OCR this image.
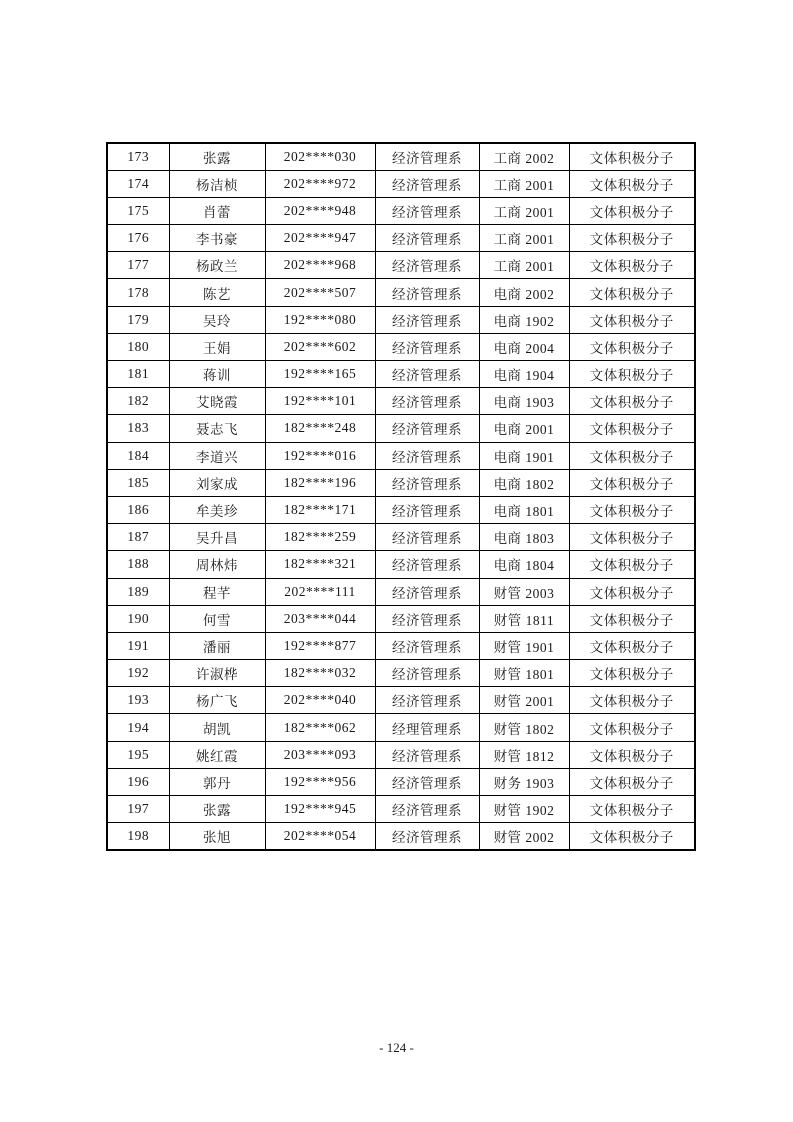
173	张露	202****030	经济管理系	工商 2002	文体积极分子
174	杨洁桢	202****972	经济管理系	工商 2001	文体积极分子
175	肖蕾	202****948	经济管理系	工商 2001	文体积极分子
176	李书豪	202****947	经济管理系	工商 2001	文体积极分子
177	杨政兰	202****968	经济管理系	工商 2001	文体积极分子
178	陈艺	202****507	经济管理系	电商 2002	文体积极分子
179	吴玲	192****080	经济管理系	电商 1902	文体积极分子
180	王娟	202****602	经济管理系	电商 2004	文体积极分子
181	蒋训	192****165	经济管理系	电商 1904	文体积极分子
182	艾晓霞	192****101	经济管理系	电商 1903	文体积极分子
183	聂志飞	182****248	经济管理系	电商 2001	文体积极分子
184	李道兴	192****016	经济管理系	电商 1901	文体积极分子
185	刘家成	182****196	经济管理系	电商 1802	文体积极分子
186	牟美珍	182****171	经济管理系	电商 1801	文体积极分子
187	吴升昌	182****259	经济管理系	电商 1803	文体积极分子
188	周林炜	182****321	经济管理系	电商 1804	文体积极分子
189	程芊	202****111	经济管理系	财管 2003	文体积极分子
190	何雪	203****044	经济管理系	财管 1811	文体积极分子
191	潘丽	192****877	经济管理系	财管 1901	文体积极分子
192	许淑桦	182****032	经济管理系	财管 1801	文体积极分子
193	杨广飞	202****040	经济管理系	财管 2001	文体积极分子
194	胡凯	182****062	经理管理系	财管 1802	文体积极分子
195	姚红霞	203****093	经济管理系	财管 1812	文体积极分子
196	郭丹	192****956	经济管理系	财务 1903	文体积极分子
197	张露	192****945	经济管理系	财管 1902	文体积极分子
198	张旭	202****054	经济管理系	财管 2002	文体积极分子
- 124 -
